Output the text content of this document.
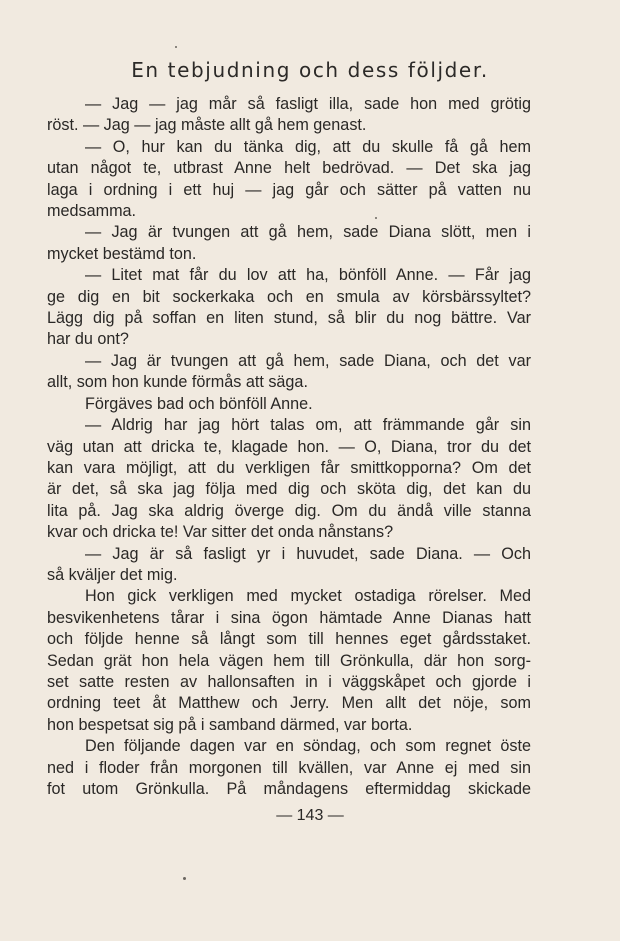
En tebjudning och dess följder.
— Jag — jag mår så fasligt illa, sade hon med grötig
röst. — Jag — jag måste allt gå hem genast.
— O, hur kan du tänka dig, att du skulle få gå hem
utan något te, utbrast Anne helt bedrövad. — Det ska jag
laga i ordning i ett huj — jag går och sätter på vatten nu
medsamma.
— Jag är tvungen att gå hem, sade Diana slött, men i
mycket bestämd ton.
— Litet mat får du lov att ha, bönföll Anne. — Får jag
ge dig en bit sockerkaka och en smula av körsbärssyltet?
Lägg dig på soffan en liten stund, så blir du nog bättre. Var
har du ont?
— Jag är tvungen att gå hem, sade Diana, och det var
allt, som hon kunde förmås att säga.
Förgäves bad och bönföll Anne.
— Aldrig har jag hört talas om, att främmande går sin
väg utan att dricka te, klagade hon. — O, Diana, tror du det
kan vara möjligt, att du verkligen får smittkopporna? Om det
är det, så ska jag följa med dig och sköta dig, det kan du
lita på. Jag ska aldrig överge dig. Om du ändå ville stanna
kvar och dricka te! Var sitter det onda nånstans?
— Jag är så fasligt yr i huvudet, sade Diana. — Och
så kväljer det mig.
Hon gick verkligen med mycket ostadiga rörelser. Med
besvikenhetens tårar i sina ögon hämtade Anne Dianas hatt
och följde henne så långt som till hennes eget gårdsstaket.
Sedan grät hon hela vägen hem till Grönkulla, där hon sorg-
set satte resten av hallonsaften in i väggskåpet och gjorde i
ordning teet åt Matthew och Jerry. Men allt det nöje, som
hon bespetsat sig på i samband därmed, var borta.
Den följande dagen var en söndag, och som regnet öste
ned i floder från morgonen till kvällen, var Anne ej med sin
fot utom Grönkulla. På måndagens eftermiddag skickade
— 143 —
